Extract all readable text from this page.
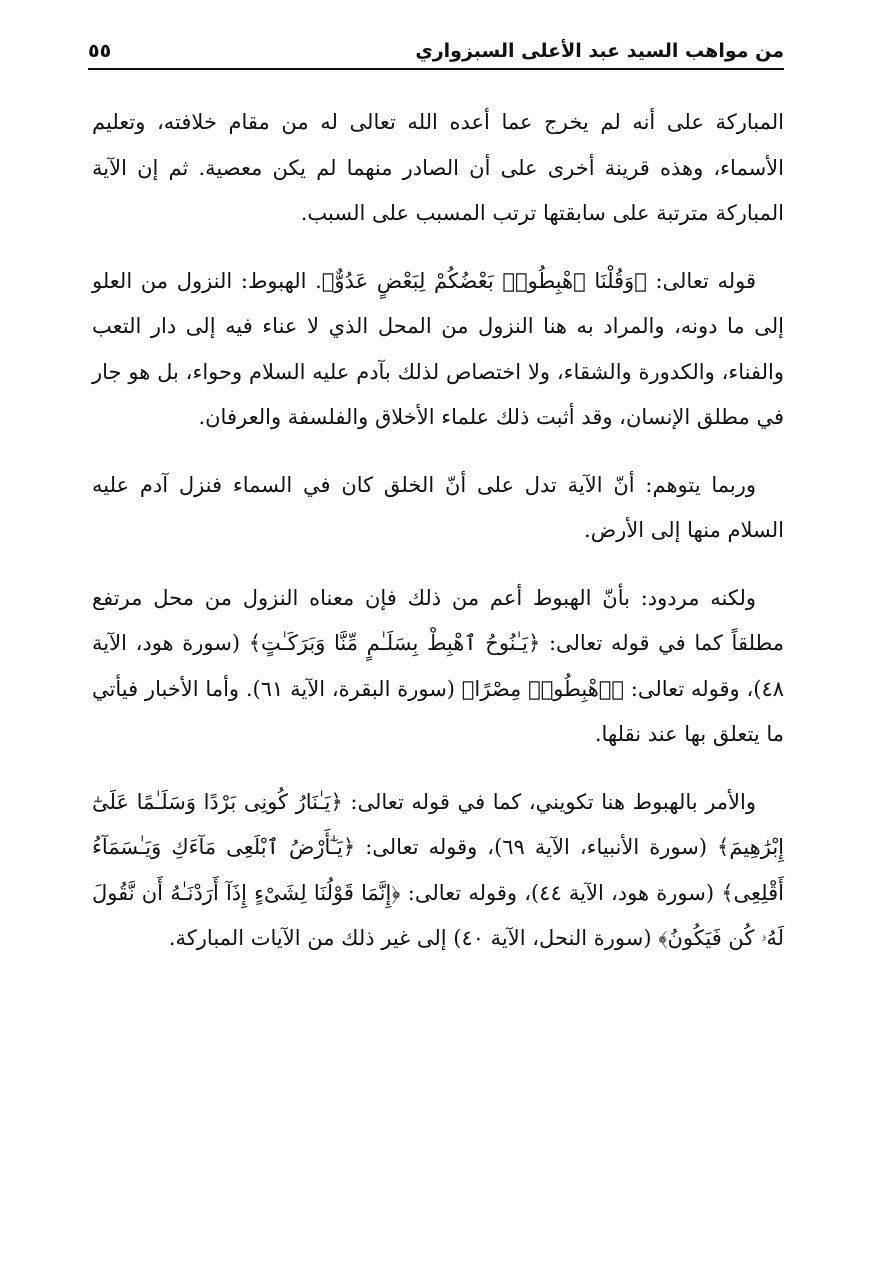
من مواهب السيد عبد الأعلى السبزواري
٥٥

المباركة على أنه لم يخرج عما أعده الله تعالى له من مقام خلافته، وتعليم الأسماء، وهذه قرينة أخرى على أن الصادر منهما لم يكن معصية. ثم إن الآية المباركة مترتبة على سابقتها ترتب المسبب على السبب.

قوله تعالى: ﴿وَقُلْنَا ٱهْبِطُوا۟ بَعْضُكُمْ لِبَعْضٍ عَدُوٌّ﴾. الهبوط: النزول من العلو إلى ما دونه، والمراد به هنا النزول من المحل الذي لا عناء فيه إلى دار التعب والفناء، والكدورة والشقاء، ولا اختصاص لذلك بآدم عليه السلام وحواء، بل هو جار في مطلق الإنسان، وقد أثبت ذلك علماء الأخلاق والفلسفة والعرفان.

وربما يتوهم: أنّ الآية تدل على أنّ الخلق كان في السماء فنزل آدم عليه السلام منها إلى الأرض.

ولكنه مردود: بأنّ الهبوط أعم من ذلك فإن معناه النزول من محل مرتفع مطلقاً كما في قوله تعالى: ﴿يَـٰنُوحُ ٱهْبِطْ بِسَلَـٰمٍ مِّنَّا وَبَرَكَـٰتٍ﴾ (سورة هود، الآية ٤٨)، وقوله تعالى: ﴿ٱهْبِطُوا۟ مِصْرًا﴾ (سورة البقرة، الآية ٦١). وأما الأخبار فيأتي ما يتعلق بها عند نقلها.

والأمر بالهبوط هنا تكويني، كما في قوله تعالى: ﴿يَـٰنَارُ كُونِى بَرْدًا وَسَلَـٰمًا عَلَىٰٓ إِبْرَٰهِيمَ﴾ (سورة الأنبياء، الآية ٦٩)، وقوله تعالى: ﴿يَـٰٓأَرْضُ ٱبْلَعِى مَآءَكِ وَيَـٰسَمَآءُ أَقْلِعِى﴾ (سورة هود، الآية ٤٤)، وقوله تعالى: ﴿إِنَّمَا قَوْلُنَا لِشَىْءٍ إِذَآ أَرَدْنَـٰهُ أَن نَّقُولَ لَهُۥ كُن فَيَكُونُ﴾ (سورة النحل، الآية ٤٠) إلى غير ذلك من الآيات المباركة.
